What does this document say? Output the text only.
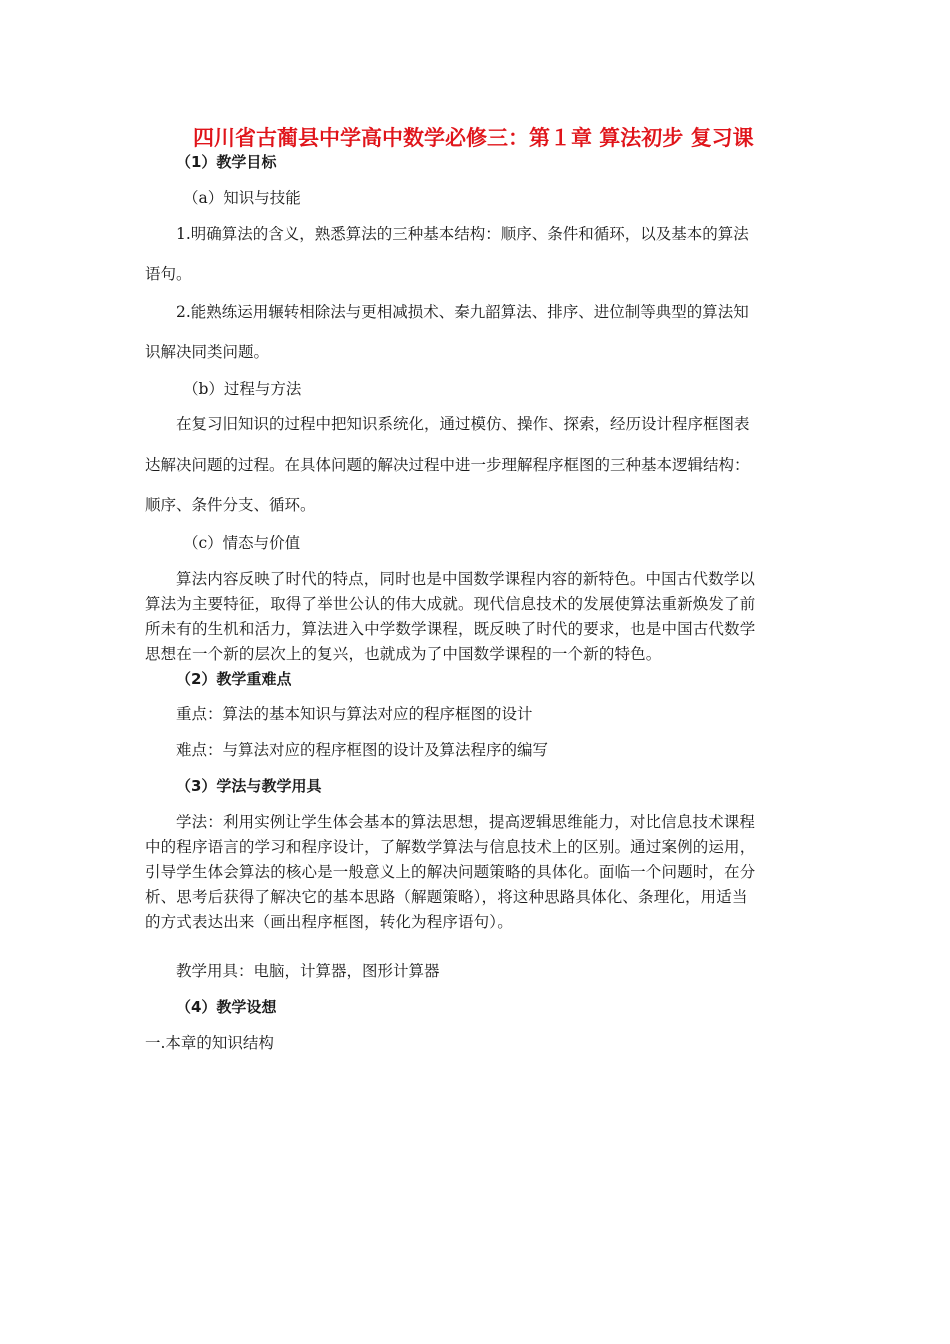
四川省古蔺县中学高中数学必修三：第１章 算法初步 复习课
（1）教学目标
（a）知识与技能
1.明确算法的含义，熟悉算法的三种基本结构：顺序、条件和循环，以及基本的算法
语句。
2.能熟练运用辗转相除法与更相减损术、秦九韶算法、排序、进位制等典型的算法知
识解决同类问题。
（b）过程与方法
在复习旧知识的过程中把知识系统化，通过模仿、操作、探索，经历设计程序框图表
达解决问题的过程。在具体问题的解决过程中进一步理解程序框图的三种基本逻辑结构：
顺序、条件分支、循环。
（c）情态与价值
算法内容反映了时代的特点，同时也是中国数学课程内容的新特色。中国古代数学以
算法为主要特征，取得了举世公认的伟大成就。现代信息技术的发展使算法重新焕发了前
所未有的生机和活力，算法进入中学数学课程，既反映了时代的要求，也是中国古代数学
思想在一个新的层次上的复兴，也就成为了中国数学课程的一个新的特色。
（2）教学重难点
重点：算法的基本知识与算法对应的程序框图的设计
难点：与算法对应的程序框图的设计及算法程序的编写
（3）学法与教学用具
学法：利用实例让学生体会基本的算法思想，提高逻辑思维能力，对比信息技术课程
中的程序语言的学习和程序设计，了解数学算法与信息技术上的区别。通过案例的运用，
引导学生体会算法的核心是一般意义上的解决问题策略的具体化。面临一个问题时，在分
析、思考后获得了解决它的基本思路（解题策略），将这种思路具体化、条理化，用适当
的方式表达出来（画出程序框图，转化为程序语句）。
教学用具：电脑，计算器，图形计算器
（4）教学设想
一.本章的知识结构
